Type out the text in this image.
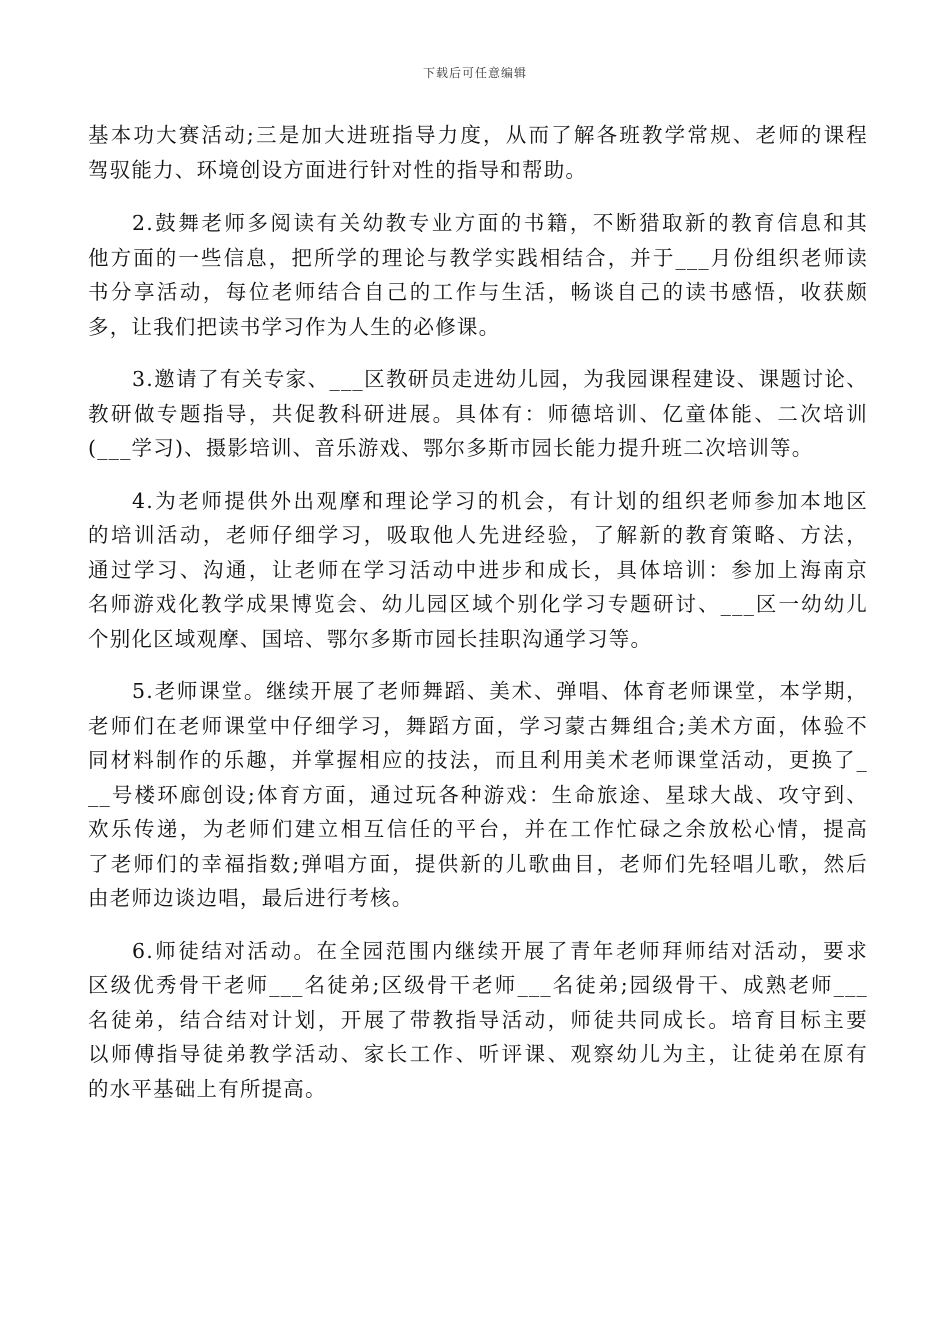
下载后可任意编辑

基本功大赛活动;三是加大进班指导力度，从而了解各班教学常规、老师的课程
驾驭能力、环境创设方面进行针对性的指导和帮助。

2.鼓舞老师多阅读有关幼教专业方面的书籍，不断猎取新的教育信息和其
他方面的一些信息，把所学的理论与教学实践相结合，并于___月份组织老师读
书分享活动，每位老师结合自己的工作与生活，畅谈自己的读书感悟，收获颇
多，让我们把读书学习作为人生的必修课。

3.邀请了有关专家、___区教研员走进幼儿园，为我园课程建设、课题讨论、
教研做专题指导，共促教科研进展。具体有：师德培训、亿童体能、二次培训
(___学习)、摄影培训、音乐游戏、鄂尔多斯市园长能力提升班二次培训等。

4.为老师提供外出观摩和理论学习的机会，有计划的组织老师参加本地区
的培训活动，老师仔细学习，吸取他人先进经验，了解新的教育策略、方法，
通过学习、沟通，让老师在学习活动中进步和成长，具体培训：参加上海南京
名师游戏化教学成果博览会、幼儿园区域个别化学习专题研讨、___区一幼幼儿
个别化区域观摩、国培、鄂尔多斯市园长挂职沟通学习等。

5.老师课堂。继续开展了老师舞蹈、美术、弹唱、体育老师课堂，本学期，
老师们在老师课堂中仔细学习，舞蹈方面，学习蒙古舞组合;美术方面，体验不
同材料制作的乐趣，并掌握相应的技法，而且利用美术老师课堂活动，更换了_
__号楼环廊创设;体育方面，通过玩各种游戏：生命旅途、星球大战、攻守到、
欢乐传递，为老师们建立相互信任的平台，并在工作忙碌之余放松心情，提高
了老师们的幸福指数;弹唱方面，提供新的儿歌曲目，老师们先轻唱儿歌，然后
由老师边谈边唱，最后进行考核。

6.师徒结对活动。在全园范围内继续开展了青年老师拜师结对活动，要求
区级优秀骨干老师___名徒弟;区级骨干老师___名徒弟;园级骨干、成熟老师___
名徒弟，结合结对计划，开展了带教指导活动，师徒共同成长。培育目标主要
以师傅指导徒弟教学活动、家长工作、听评课、观察幼儿为主，让徒弟在原有
的水平基础上有所提高。
